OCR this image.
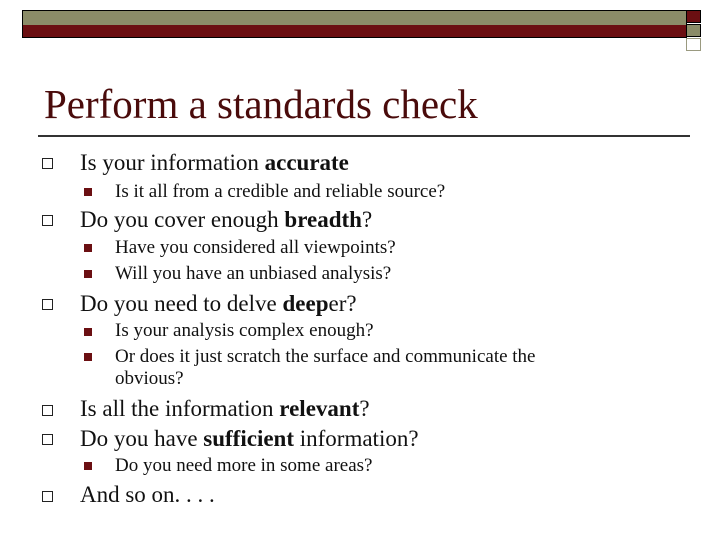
Perform a standards check
Is your information accurate
Is it all from a credible and reliable source?
Do you cover enough breadth?
Have you considered all viewpoints?
Will you have an unbiased analysis?
Do you need to delve deeper?
Is your analysis complex enough?
Or does it just scratch the surface and communicate the
obvious?
Is all the information relevant?
Do you have sufficient information?
Do you need more in some areas?
And so on. . . .
